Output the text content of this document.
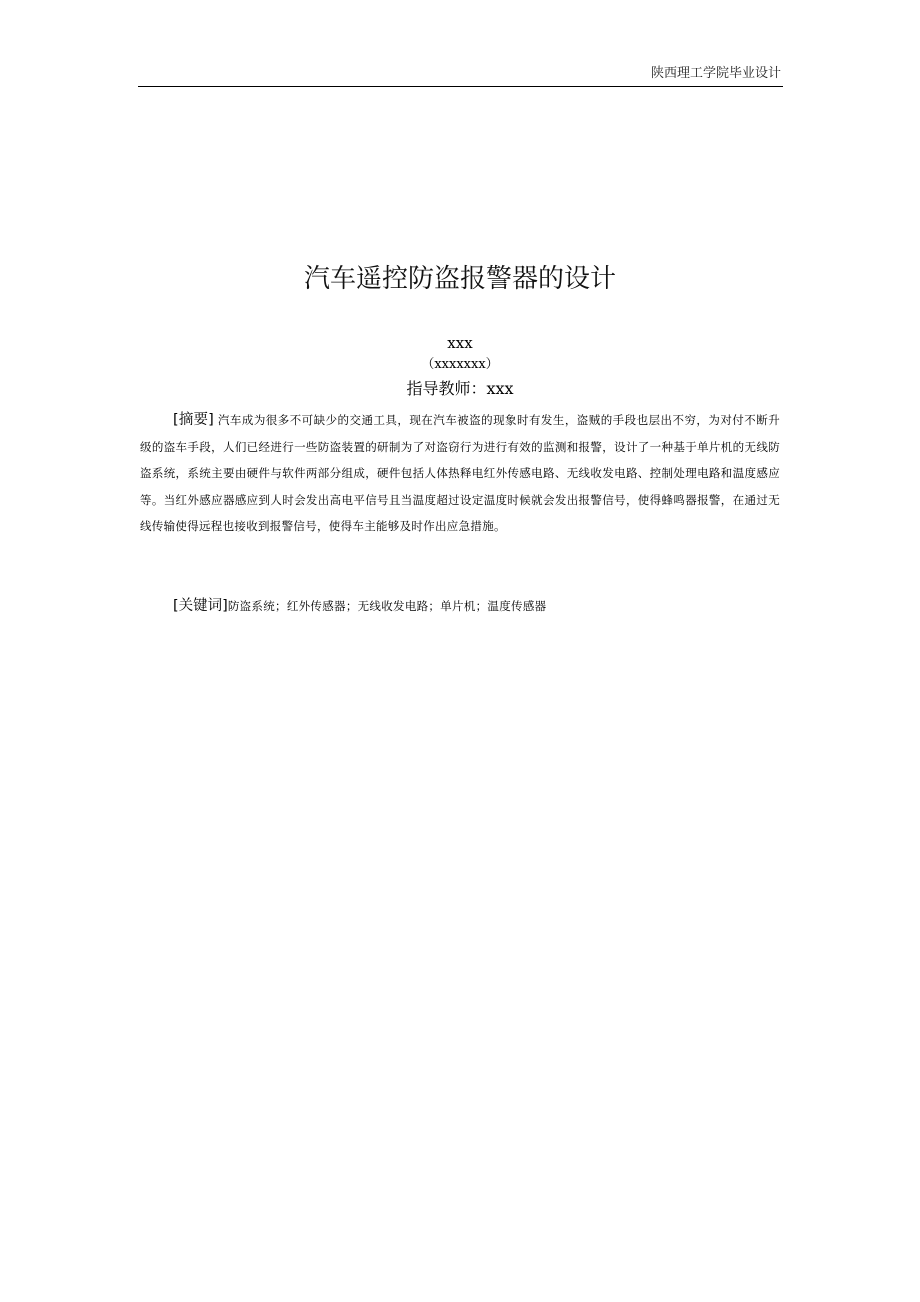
陕西理工学院毕业设计
汽车遥控防盗报警器的设计
xxx
（xxxxxxx）
指导教师：xxx
[摘要] 汽车成为很多不可缺少的交通工具，现在汽车被盗的现象时有发生，盗贼的手段也层出不穷，为对付不断升级的盗车手段，人们已经进行一些防盗装置的研制为了对盗窃行为进行有效的监测和报警，设计了一种基于单片机的无线防盗系统，系统主要由硬件与软件两部分组成，硬件包括人体热释电红外传感电路、无线收发电路、控制处理电路和温度感应等。当红外感应器感应到人时会发出高电平信号且当温度超过设定温度时候就会发出报警信号，使得蜂鸣器报警，在通过无线传输使得远程也接收到报警信号，使得车主能够及时作出应急措施。
[关键词]防盗系统；红外传感器；无线收发电路；单片机；温度传感器
